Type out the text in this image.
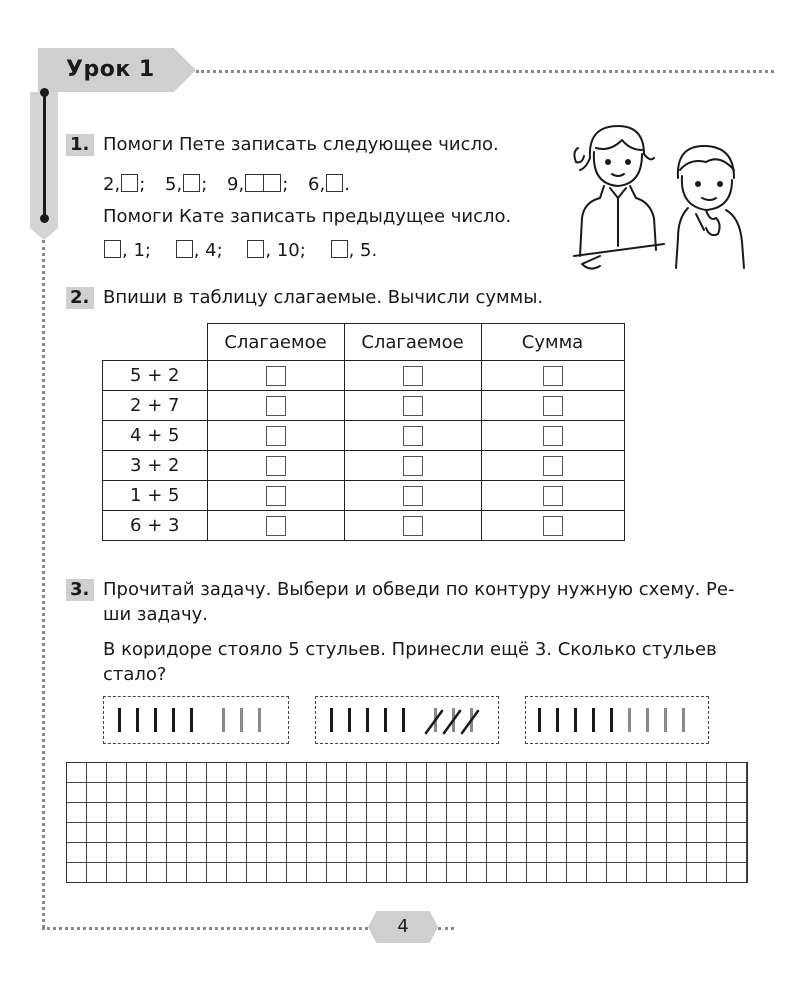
Урок 1
1. Помоги Пете записать следующее число.
2, ; 5, ; 9, ; 6, .
Помоги Кате записать предыдущее число.
, 1; , 4; , 10; , 5.
2. Впиши в таблицу слагаемые. Вычисли суммы.
	Слагаемое	Слагаемое	Сумма
5 + 2			
2 + 7			
4 + 5			
3 + 2			
1 + 5			
6 + 3			
3. Прочитай задачу. Выбери и обведи по контуру нужную схему. Ре-
ши задачу.
В коридоре стояло 5 стульев. Принесли ещё 3. Сколько стульев
стало?
4
